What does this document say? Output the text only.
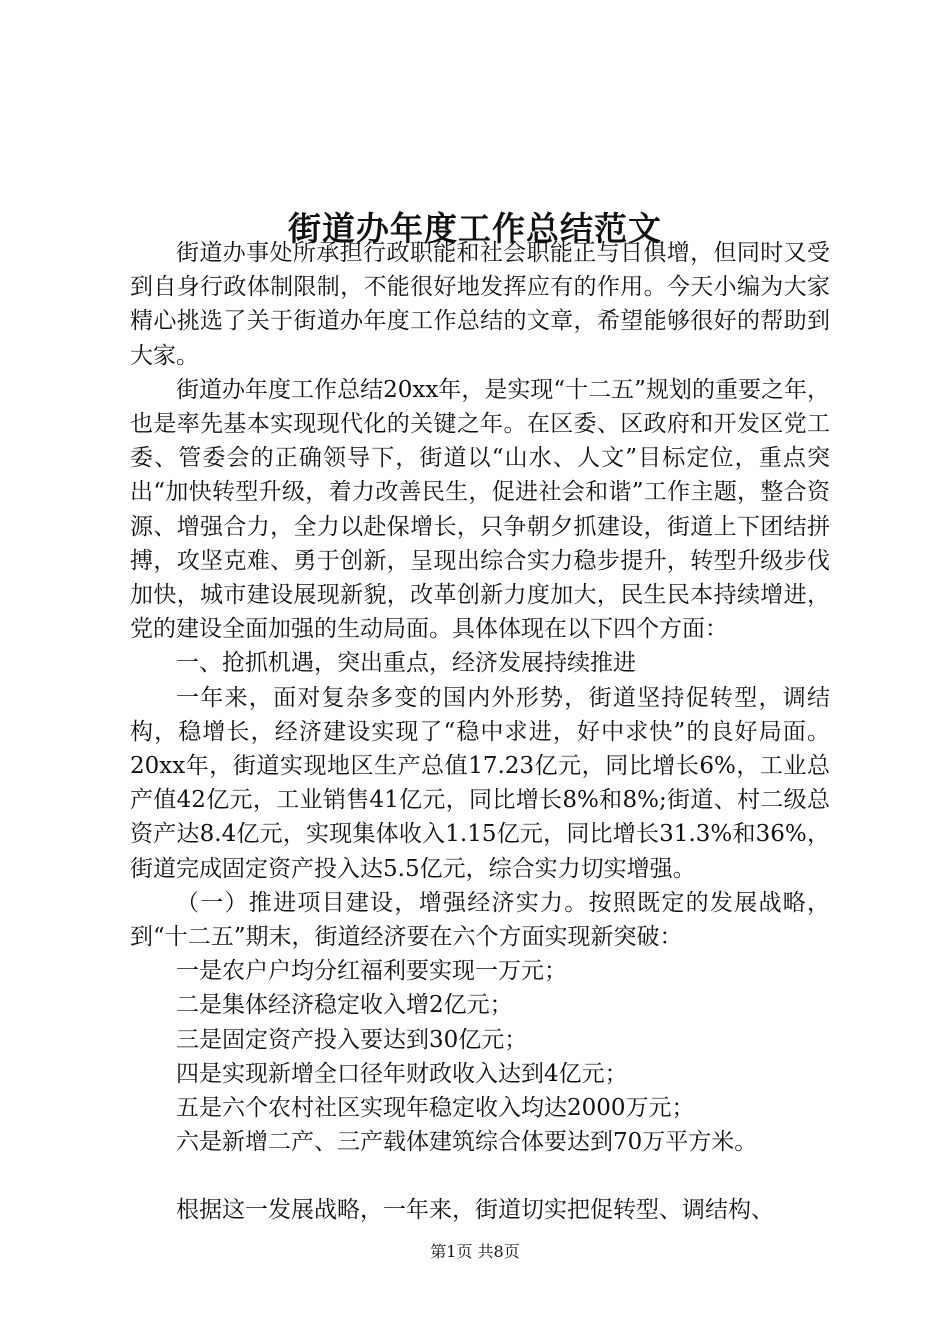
街道办年度工作总结范文

街道办事处所承担行政职能和社会职能正与日俱增，但同时又受到自身行政体制限制，不能很好地发挥应有的作用。今天小编为大家精心挑选了关于街道办年度工作总结的文章，希望能够很好的帮助到大家。

街道办年度工作总结20xx年，是实现“十二五”规划的重要之年，也是率先基本实现现代化的关键之年。在区委、区政府和开发区党工委、管委会的正确领导下，街道以“山水、人文”目标定位，重点突出“加快转型升级，着力改善民生，促进社会和谐”工作主题，整合资源、增强合力，全力以赴保增长，只争朝夕抓建设，街道上下团结拼搏，攻坚克难、勇于创新，呈现出综合实力稳步提升，转型升级步伐加快，城市建设展现新貌，改革创新力度加大，民生民本持续增进，党的建设全面加强的生动局面。具体体现在以下四个方面：

一、抢抓机遇，突出重点，经济发展持续推进

一年来，面对复杂多变的国内外形势，街道坚持促转型，调结构，稳增长，经济建设实现了“稳中求进，好中求快”的良好局面。20xx年，街道实现地区生产总值17.23亿元，同比增长6%，工业总产值42亿元，工业销售41亿元，同比增长8%和8%;街道、村二级总资产达8.4亿元，实现集体收入1.15亿元，同比增长31.3%和36%，街道完成固定资产投入达5.5亿元，综合实力切实增强。

（一）推进项目建设，增强经济实力。按照既定的发展战略，到“十二五”期末，街道经济要在六个方面实现新突破：

一是农户户均分红福利要实现一万元；

二是集体经济稳定收入增2亿元；

三是固定资产投入要达到30亿元；

四是实现新增全口径年财政收入达到4亿元；

五是六个农村社区实现年稳定收入均达2000万元；

六是新增二产、三产载体建筑综合体要达到70万平方米。

根据这一发展战略，一年来，街道切实把促转型、调结构、

第1页 共8页
